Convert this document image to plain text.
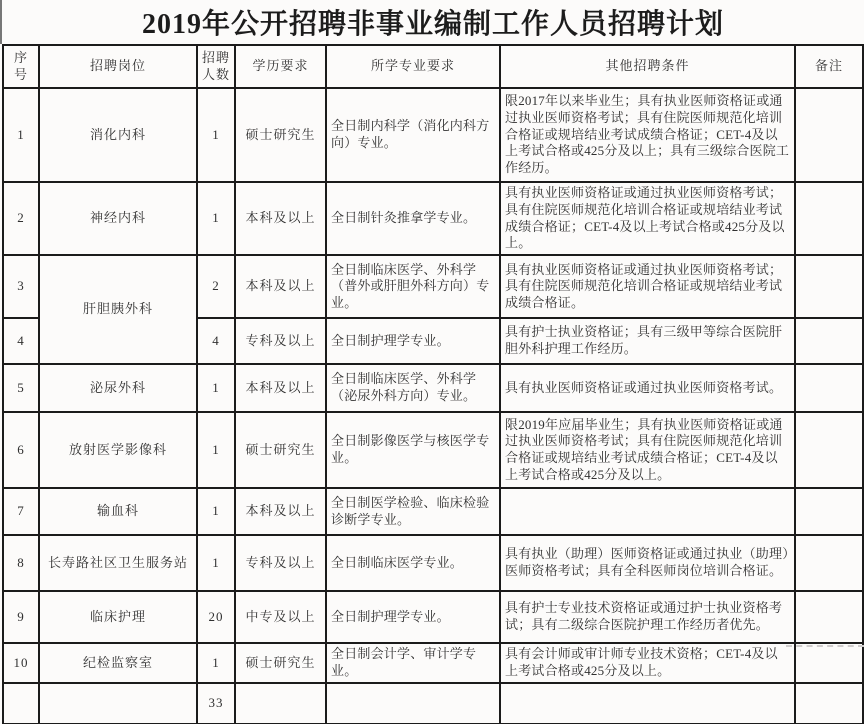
2019年公开招聘非事业编制工作人员招聘计划
序号	招聘岗位	招聘人数	学历要求	所学专业要求	其他招聘条件	备注
1	消化内科	1	硕士研究生	全日制内科学（消化内科方向）专业。	限2017年以来毕业生；具有执业医师资格证或通过执业医师资格考试；具有住院医师规范化培训合格证或规培结业考试成绩合格证；CET-4及以上考试合格或425分及以上；具有三级综合医院工作经历。	
2	神经内科	1	本科及以上	全日制针灸推拿学专业。	具有执业医师资格证或通过执业医师资格考试；具有住院医师规范化培训合格证或规培结业考试成绩合格证；CET-4及以上考试合格或425分及以上。	
3	肝胆胰外科	2	本科及以上	全日制临床医学、外科学（普外或肝胆外科方向）专业。	具有执业医师资格证或通过执业医师资格考试；具有住院医师规范化培训合格证或规培结业考试成绩合格证。	
4		4	专科及以上	全日制护理学专业。	具有护士执业资格证；具有三级甲等综合医院肝胆外科护理工作经历。	
5	泌尿外科	1	本科及以上	全日制临床医学、外科学（泌尿外科方向）专业。	具有执业医师资格证或通过执业医师资格考试。	
6	放射医学影像科	1	硕士研究生	全日制影像医学与核医学专业。	限2019年应届毕业生；具有执业医师资格证或通过执业医师资格考试；具有住院医师规范化培训合格证或规培结业考试成绩合格证；CET-4及以上考试合格或425分及以上。	
7	输血科	1	本科及以上	全日制医学检验、临床检验诊断学专业。		
8	长寿路社区卫生服务站	1	专科及以上	全日制临床医学专业。	具有执业（助理）医师资格证或通过执业（助理）医师资格考试；具有全科医师岗位培训合格证。	
9	临床护理	20	中专及以上	全日制护理学专业。	具有护士专业技术资格证或通过护士执业资格考试；具有二级综合医院护理工作经历者优先。	
10	纪检监察室	1	硕士研究生	全日制会计学、审计学专业。	具有会计师或审计师专业技术资格；CET-4及以上考试合格或425分及以上。	
		33				
